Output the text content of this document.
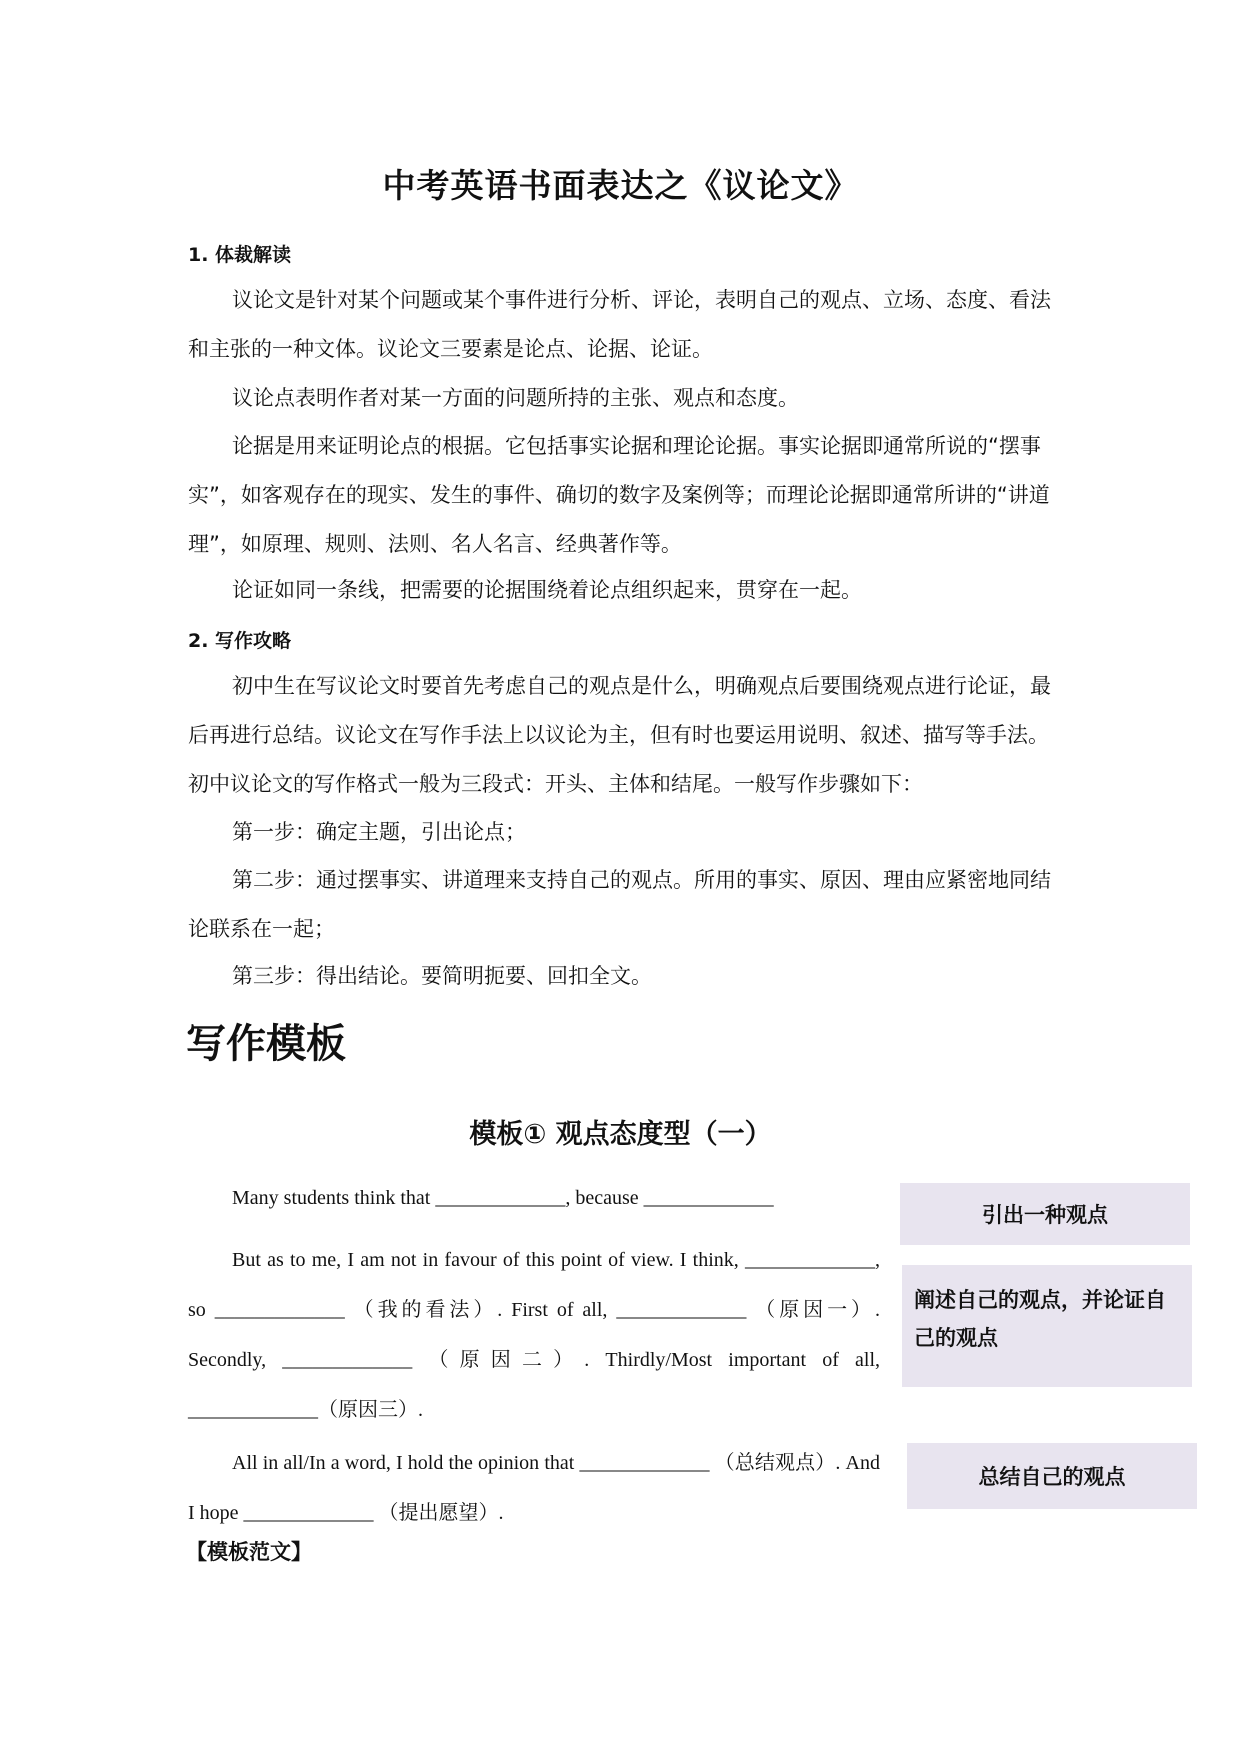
中考英语书面表达之《议论文》
1. 体裁解读

议论文是针对某个问题或某个事件进行分析、评论，表明自己的观点、立场、态度、看法和主张的一种文体。议论文三要素是论点、论据、论证。

议论点表明作者对某一方面的问题所持的主张、观点和态度。

论据是用来证明论点的根据。它包括事实论据和理论论据。事实论据即通常所说的“摆事实”，如客观存在的现实、发生的事件、确切的数字及案例等；而理论论据即通常所讲的“讲道理”，如原理、规则、法则、名人名言、经典著作等。

论证如同一条线，把需要的论据围绕着论点组织起来，贯穿在一起。

2. 写作攻略

初中生在写议论文时要首先考虑自己的观点是什么，明确观点后要围绕观点进行论证，最后再进行总结。议论文在写作手法上以议论为主，但有时也要运用说明、叙述、描写等手法。初中议论文的写作格式一般为三段式：开头、主体和结尾。一般写作步骤如下：

第一步：确定主题，引出论点；

第二步：通过摆事实、讲道理来支持自己的观点。所用的事实、原因、理由应紧密地同结论联系在一起；

第三步：得出结论。要简明扼要、回扣全文。

写作模板
模板① 观点态度型（一）

Many students think that _____________, because _____________

But as to me, I am not in favour of this point of view. I think, _____________, so _____________ （我的看法）. First of all, _____________ （原因一）. Secondly, _____________ （原因二）. Thirdly/Most important of all, _____________（原因三）.

All in all/In a word, I hold the opinion that _____________ （总结观点）. And I hope _____________ （提出愿望）.

引出一种观点
阐述自己的观点，并论证自己的观点
总结自己的观点
【模板范文】
